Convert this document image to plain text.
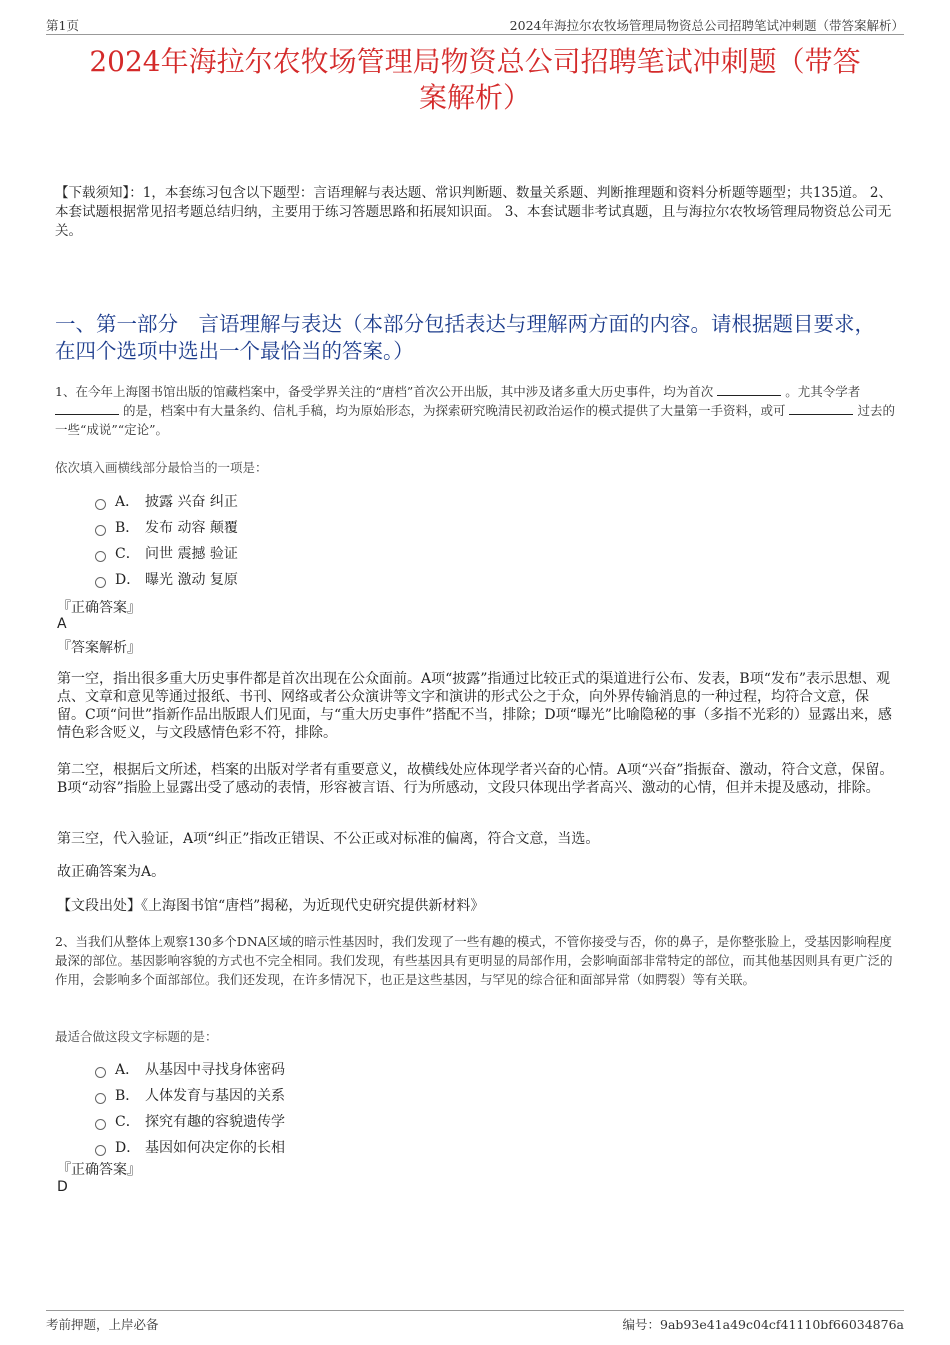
第1页	2024年海拉尔农牧场管理局物资总公司招聘笔试冲刺题（带答案解析）
2024年海拉尔农牧场管理局物资总公司招聘笔试冲刺题（带答
案解析）
【下载须知】：1，本套练习包含以下题型：言语理解与表达题、常识判断题、数量关系题、判断推理题和资料分析题等题型；共135道。 2、本套试题根据常见招考题总结归纳，主要用于练习答题思路和拓展知识面。 3、本套试题非考试真题，且与海拉尔农牧场管理局物资总公司无关。
一、第一部分　言语理解与表达（本部分包括表达与理解两方面的内容。请根据题目要求，在四个选项中选出一个最恰当的答案。）
1、在今年上海图书馆出版的馆藏档案中，备受学界关注的“唐档”首次公开出版，其中涉及诸多重大历史事件，均为首次	。尤其令学者  的是，档案中有大量条约、信札手稿，均为原始形态，为探索研究晚清民初政治运作的模式提供了大量第一手资料，或可	过去的一些“成说”“定论”。
依次填入画横线部分最恰当的一项是：
A． 披露 兴奋 纠正
B． 发布 动容 颠覆
C． 问世 震撼 验证
D． 曝光 激动 复原
『正确答案』
A
『答案解析』
第一空，指出很多重大历史事件都是首次出现在公众面前。A项“披露”指通过比较正式的渠道进行公布、发表，B项“发布”表示思想、观点、文章和意见等通过报纸、书刊、网络或者公众演讲等文字和演讲的形式公之于众，向外界传输消息的一种过程，均符合文意，保留。C项“问世”指新作品出版跟人们见面，与“重大历史事件”搭配不当，排除；D项“曝光”比喻隐秘的事（多指不光彩的）显露出来，感情色彩含贬义，与文段感情色彩不符，排除。
第二空，根据后文所述，档案的出版对学者有重要意义，故横线处应体现学者兴奋的心情。A项“兴奋”指振奋、激动，符合文意，保留。B项“动容”指脸上显露出受了感动的表情，形容被言语、行为所感动，文段只体现出学者高兴、激动的心情，但并未提及感动，排除。
第三空，代入验证，A项“纠正”指改正错误、不公正或对标准的偏离，符合文意，当选。
故正确答案为A。
【文段出处】《上海图书馆“唐档”揭秘，为近现代史研究提供新材料》
2、当我们从整体上观察130多个DNA区域的暗示性基因时，我们发现了一些有趣的模式，不管你接受与否，你的鼻子，是你整张脸上，受基因影响程度最深的部位。基因影响容貌的方式也不完全相同。我们发现，有些基因具有更明显的局部作用，会影响面部非常特定的部位，而其他基因则具有更广泛的作用，会影响多个面部部位。我们还发现，在许多情况下，也正是这些基因，与罕见的综合征和面部异常（如腭裂）等有关联。
最适合做这段文字标题的是：
A． 从基因中寻找身体密码
B． 人体发育与基因的关系
C． 探究有趣的容貌遗传学
D． 基因如何决定你的长相
『正确答案』
D
考前押题，上岸必备	编号：9ab93e41a49c04cf41110bf66034876a
